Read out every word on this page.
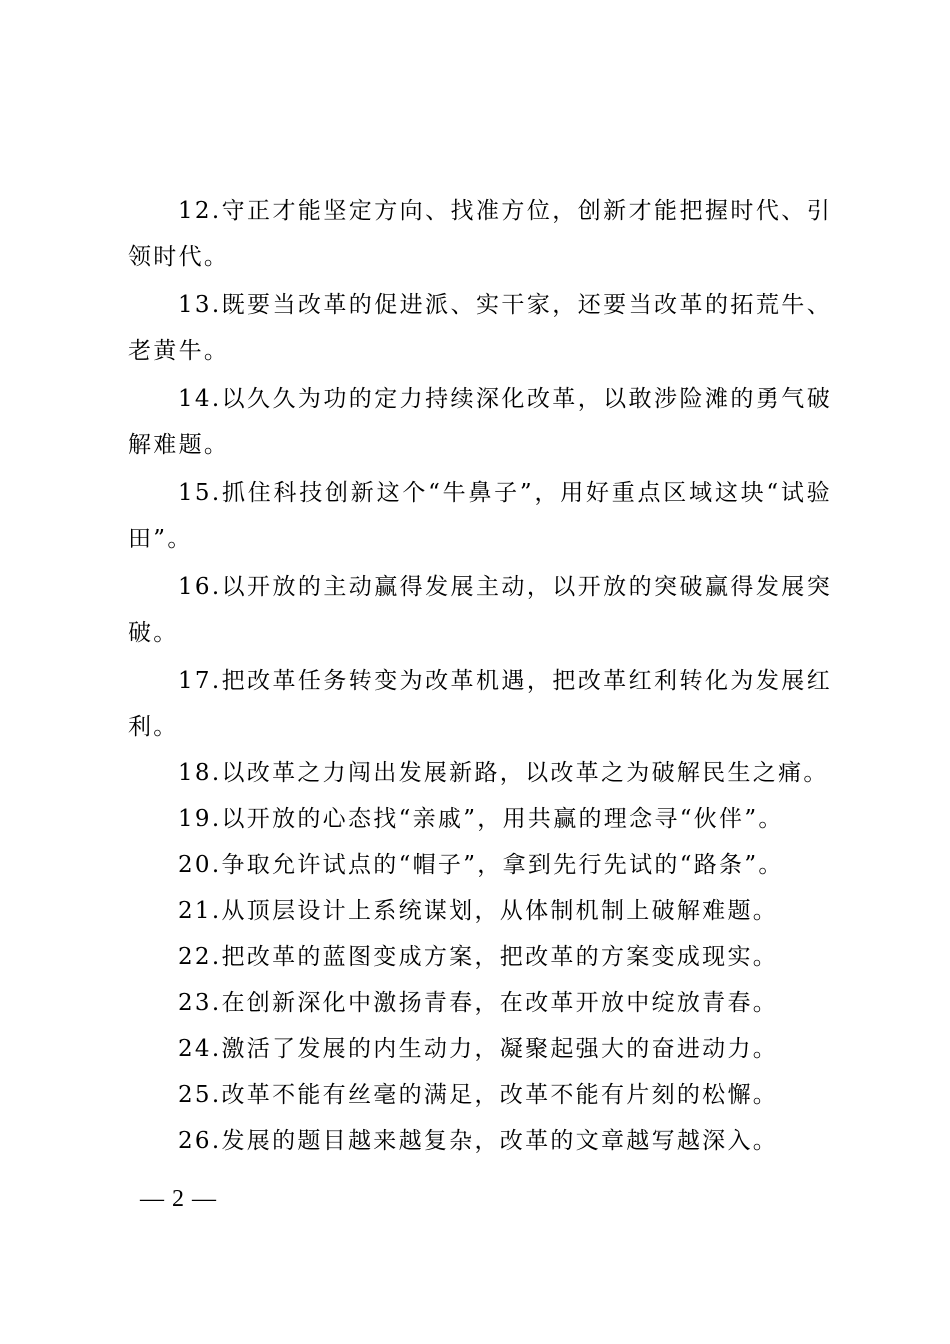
12.守正才能坚定方向、找准方位，创新才能把握时代、引领时代。

13.既要当改革的促进派、实干家，还要当改革的拓荒牛、老黄牛。

14.以久久为功的定力持续深化改革，以敢涉险滩的勇气破解难题。

15.抓住科技创新这个“牛鼻子”，用好重点区域这块“试验田”。

16.以开放的主动赢得发展主动，以开放的突破赢得发展突破。

17.把改革任务转变为改革机遇，把改革红利转化为发展红利。

18.以改革之力闯出发展新路，以改革之为破解民生之痛。

19.以开放的心态找“亲戚”，用共赢的理念寻“伙伴”。

20.争取允许试点的“帽子”，拿到先行先试的“路条”。

21.从顶层设计上系统谋划，从体制机制上破解难题。

22.把改革的蓝图变成方案，把改革的方案变成现实。

23.在创新深化中激扬青春，在改革开放中绽放青春。

24.激活了发展的内生动力，凝聚起强大的奋进动力。

25.改革不能有丝毫的满足，改革不能有片刻的松懈。

26.发展的题目越来越复杂，改革的文章越写越深入。

— 2 —
